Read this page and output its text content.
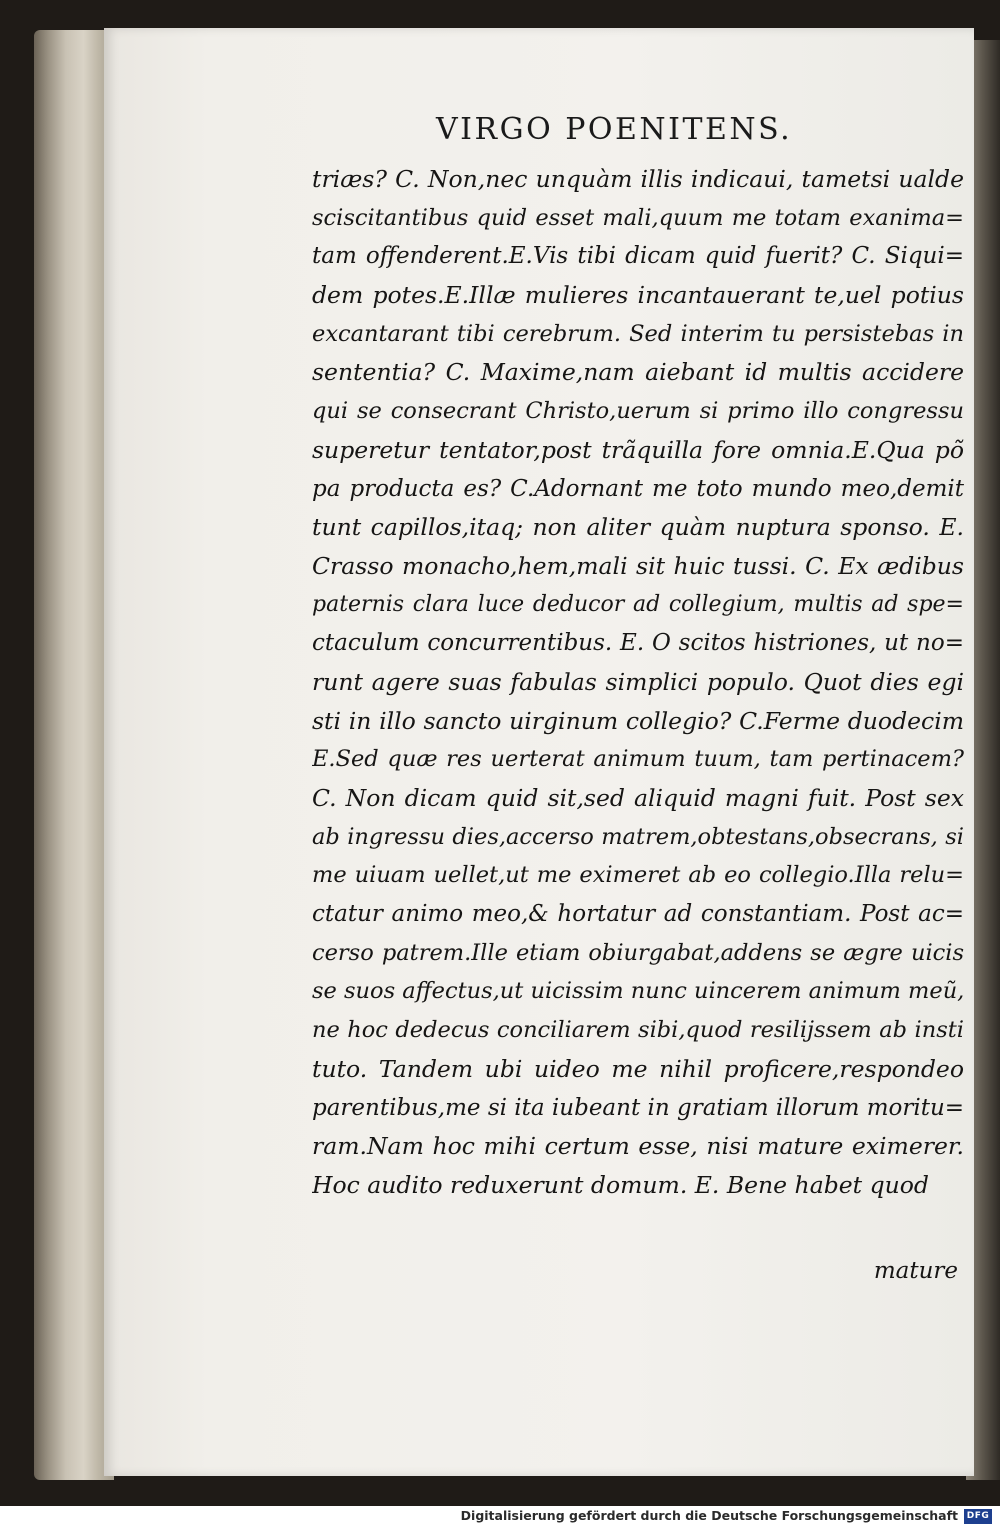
VIRGO POENITENS.
triæs? C. Non,nec unquàm illis indicaui, tametsi ualde
sciscitantibus quid esset mali,quum me totam exanima=
tam offenderent.E.Vis tibi dicam quid fuerit? C. Siqui=
dem potes.E.Illæ mulieres incantauerant te,uel potius
excantarant tibi cerebrum. Sed interim tu persistebas in
sententia? C. Maxime,nam aiebant id multis accidere
qui se consecrant Christo,uerum si primo illo congressu
superetur tentator,post trãquilla fore omnia.E.Qua põ
pa producta es? C.Adornant me toto mundo meo,demit
tunt capillos,itaq; non aliter quàm nuptura sponso. E.
Crasso monacho,hem,mali sit huic tussi. C. Ex ædibus
paternis clara luce deducor ad collegium, multis ad spe=
ctaculum concurrentibus. E. O scitos histriones, ut no=
runt agere suas fabulas simplici populo. Quot dies egi
sti in illo sancto uirginum collegio? C.Ferme duodecim
E.Sed quæ res uerterat animum tuum, tam pertinacem?
C. Non dicam quid sit,sed aliquid magni fuit. Post sex
ab ingressu dies,accerso matrem,obtestans,obsecrans, si
me uiuam uellet,ut me eximeret ab eo collegio.Illa relu=
ctatur animo meo,& hortatur ad constantiam. Post ac=
cerso patrem.Ille etiam obiurgabat,addens se ægre uicis
se suos affectus,ut uicissim nunc uincerem animum meũ,
ne hoc dedecus conciliarem sibi,quod resilijssem ab insti
tuto. Tandem ubi uideo me nihil proficere,respondeo
parentibus,me si ita iubeant in gratiam illorum moritu=
ram.Nam hoc mihi certum esse, nisi mature eximerer.
Hoc audito reduxerunt domum. E. Bene habet quod
mature
Digitalisierung gefördert durch die Deutsche Forschungsgemeinschaft DFG
